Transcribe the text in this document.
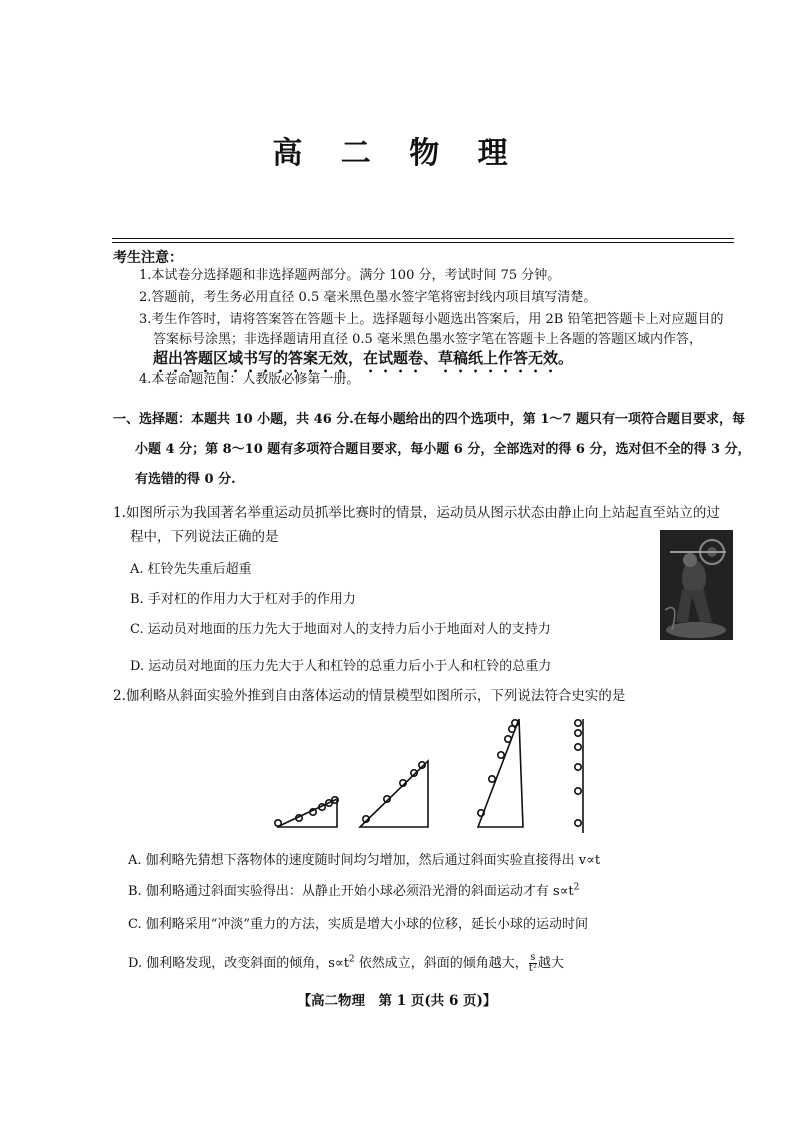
高 二 物 理
考生注意：
1.本试卷分选择题和非选择题两部分。满分 100 分，考试时间 75 分钟。
2.答题前，考生务必用直径 0.5 毫米黑色墨水签字笔将密封线内项目填写清楚。
3.考生作答时，请将答案答在答题卡上。选择题每小题选出答案后，用 2B 铅笔把答题卡上对应题目的
答案标号涂黑；非选择题请用直径 0.5 毫米黑色墨水签字笔在答题卡上各题的答题区域内作答，
超出答题区域书写的答案无效，在试题卷、草稿纸上作答无效。
4.本卷命题范围：人教版必修第一册。
一、选择题：本题共 10 小题，共 46 分.在每小题给出的四个选项中，第 1～7 题只有一项符合题目要求，每
小题 4 分；第 8～10 题有多项符合题目要求，每小题 6 分，全部选对的得 6 分，选对但不全的得 3 分，
有选错的得 0 分.
1.如图所示为我国著名举重运动员抓举比赛时的情景，运动员从图示状态由静止向上站起直至站立的过
程中，下列说法正确的是
A. 杠铃先失重后超重
B. 手对杠的作用力大于杠对手的作用力
C. 运动员对地面的压力先大于地面对人的支持力后小于地面对人的支持力
D. 运动员对地面的压力先大于人和杠铃的总重力后小于人和杠铃的总重力
2.伽利略从斜面实验外推到自由落体运动的情景模型如图所示，下列说法符合史实的是
A. 伽利略先猜想下落物体的速度随时间均匀增加，然后通过斜面实验直接得出 v∝t
B. 伽利略通过斜面实验得出：从静止开始小球必须沿光滑的斜面运动才有 $s\propto t^2$
C. 伽利略采用“冲淡”重力的方法，实质是增大小球的位移，延长小球的运动时间
D. 伽利略发现，改变斜面的倾角，$s\propto t^2$ 依然成立，斜面的倾角越大， $\frac{s}{\text{t²}}$ 越大
【高二物理　第 1 页(共 6 页)】
